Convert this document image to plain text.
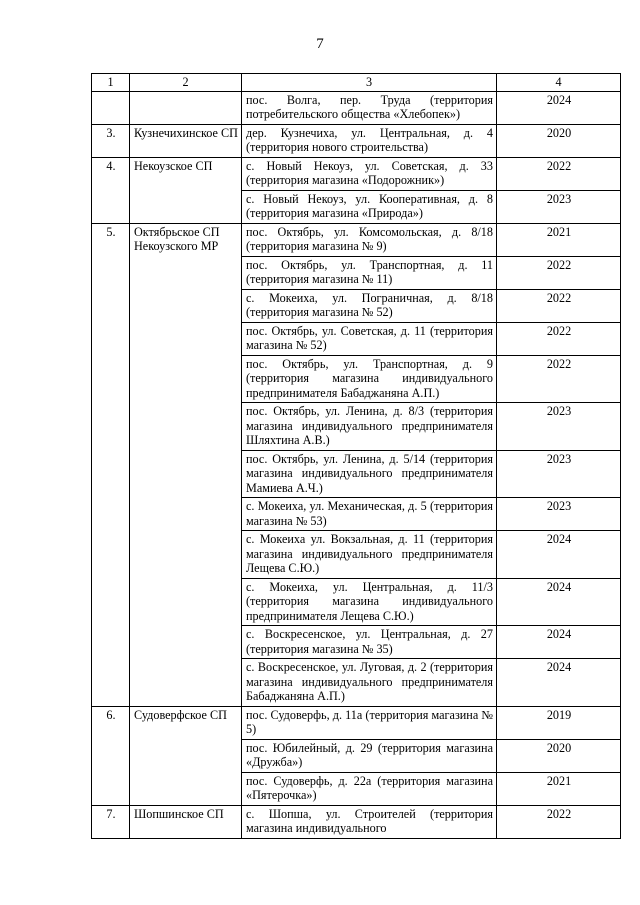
7
1	2	3	4
		пос. Волга, пер. Труда (территория потребительского общества «Хлебопек»)	2024
3.	Кузнечихинское СП	дер. Кузнечиха, ул. Центральная, д. 4 (территория нового строительства)	2020
4.	Некоузское СП	с. Новый Некоуз, ул. Советская, д. 33 (территория магазина «Подорожник»)	2022
		с. Новый Некоуз, ул. Кооперативная, д. 8 (территория магазина «Природа»)	2023
5.	Октябрьское СП Некоузского МР	пос. Октябрь, ул. Комсомольская, д. 8/18 (территория магазина № 9)	2021
		пос. Октябрь, ул. Транспортная, д. 11 (территория магазина № 11)	2022
		с. Мокеиха, ул. Пограничная, д. 8/18 (территория магазина № 52)	2022
		пос. Октябрь, ул. Советская, д. 11 (территория магазина № 52)	2022
		пос. Октябрь, ул. Транспортная, д. 9 (территория магазина индивидуального предпринимателя Бабаджаняна А.П.)	2022
		пос. Октябрь, ул. Ленина, д. 8/3 (территория магазина индивидуального предпринимателя Шляхтина А.В.)	2023
		пос. Октябрь, ул. Ленина, д. 5/14 (территория магазина индивидуального предпринимателя Мамиева А.Ч.)	2023
		с. Мокеиха, ул. Механическая, д. 5 (территория магазина № 53)	2023
		с. Мокеиха ул. Вокзальная, д. 11 (территория магазина индивидуального предпринимателя Лещева С.Ю.)	2024
		с. Мокеиха, ул. Центральная, д. 11/3 (территория магазина индивидуального предпринимателя Лещева С.Ю.)	2024
		с. Воскресенское, ул. Центральная, д. 27 (территория магазина № 35)	2024
		с. Воскресенское, ул. Луговая, д. 2 (территория магазина индивидуального предпринимателя Бабаджаняна А.П.)	2024
6.	Судоверфское СП	пос. Судоверфь, д. 11а (территория магазина № 5)	2019
		пос. Юбилейный, д. 29 (территория магазина «Дружба»)	2020
		пос. Судоверфь, д. 22а (территория магазина «Пятерочка»)	2021
7.	Шопшинское СП	с. Шопша, ул. Строителей (территория магазина индивидуального	2022
